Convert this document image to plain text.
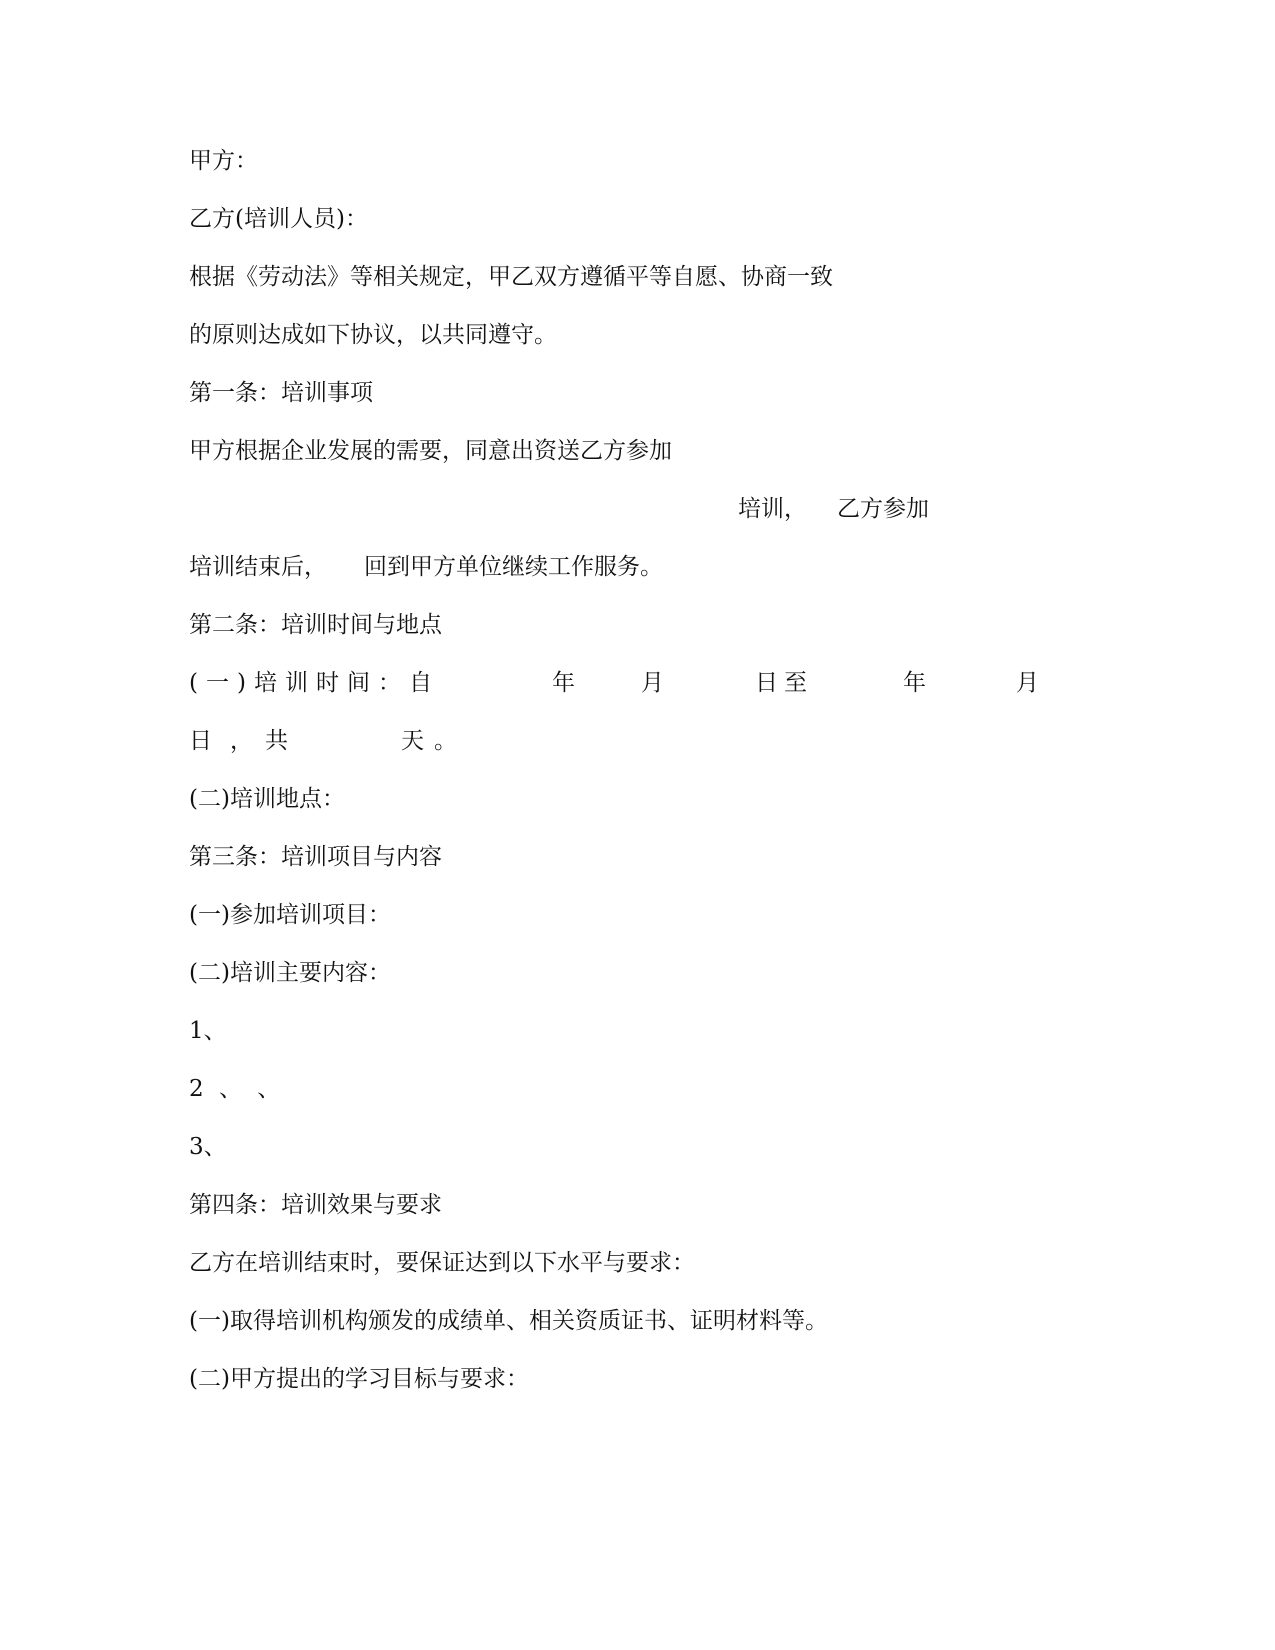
甲方：
乙方(培训人员)：
根据《劳动法》等相关规定，甲乙双方遵循平等自愿、协商一致
的原则达成如下协议，以共同遵守。
第一条：培训事项
甲方根据企业发展的需要，同意出资送乙方参加
培训， 乙方参加
培训结束后， 回到甲方单位继续工作服务。
第二条：培训时间与地点
(一)培训时间：自	年	月	日至	年	月
日，
共	天。
(二)培训地点：
第三条：培训项目与内容
(一)参加培训项目：
(二)培训主要内容：
1、
2 、 、
3、
第四条：培训效果与要求
乙方在培训结束时，要保证达到以下水平与要求：
(一)取得培训机构颁发的成绩单、相关资质证书、证明材料等。
(二)甲方提出的学习目标与要求：
